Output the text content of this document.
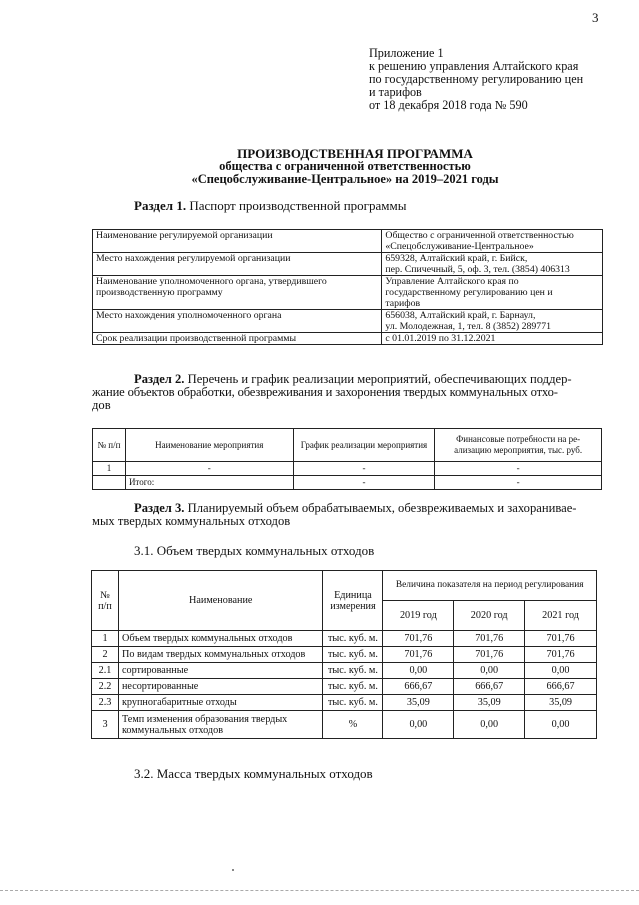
3
Приложение 1
к решению управления Алтайского края
по государственному регулированию цен
и тарифов
от 18 декабря 2018 года № 590
ПРОИЗВОДСТВЕННАЯ ПРОГРАММА
общества с ограниченной ответственностью
«Спецобслуживание-Центральное» на 2019–2021 годы
Раздел 1. Паспорт производственной программы
Наименование регулируемой организации	Общество с ограниченной ответственностью
«Спецобслуживание-Центральное»

Место нахождения регулируемой организации	659328, Алтайский край, г. Бийск,
пер. Спичечный, 5, оф. 3, тел. (3854) 406313

Наименование уполномоченного органа, утвердившего производственную программу	Управление Алтайского края по
государственному регулированию цен и
тарифов

Место нахождения уполномоченного органа	656038, Алтайский край, г. Барнаул,
ул. Молодежная, 1, тел. 8 (3852) 289771

Срок реализации производственной программы	с 01.01.2019 по 31.12.2021
Раздел 2. Перечень и график реализации мероприятий, обеспечивающих поддер-
жание объектов обработки, обезвреживания и захоронения твердых коммунальных отхо-
дов
№ п/п	Наименование мероприятия	График реализации мероприятия	Финансовые потребности на ре-ализацию мероприятия, тыс. руб.
1	-	-	-
	Итого:	-	-
Раздел 3. Планируемый объем обрабатываемых, обезвреживаемых и захоранивае-
мых твердых коммунальных отходов
3.1. Объем твердых коммунальных отходов
№ п/п	Наименование	Единица измерения	Величина показателя на период регулирования		
			2019 год	2020 год	2021 год
1	Объем твердых коммунальных отходов	тыс. куб. м.	701,76	701,76	701,76
2	По видам твердых коммунальных отходов	тыс. куб. м.	701,76	701,76	701,76
2.1	сортированные	тыс. куб. м.	0,00	0,00	0,00
2.2	несортированные	тыс. куб. м.	666,67	666,67	666,67
2.3	крупногабаритные отходы	тыс. куб. м.	35,09	35,09	35,09
3	Темп изменения образования твердых коммунальных отходов	%	0,00	0,00	0,00
3.2. Масса твердых коммунальных отходов
